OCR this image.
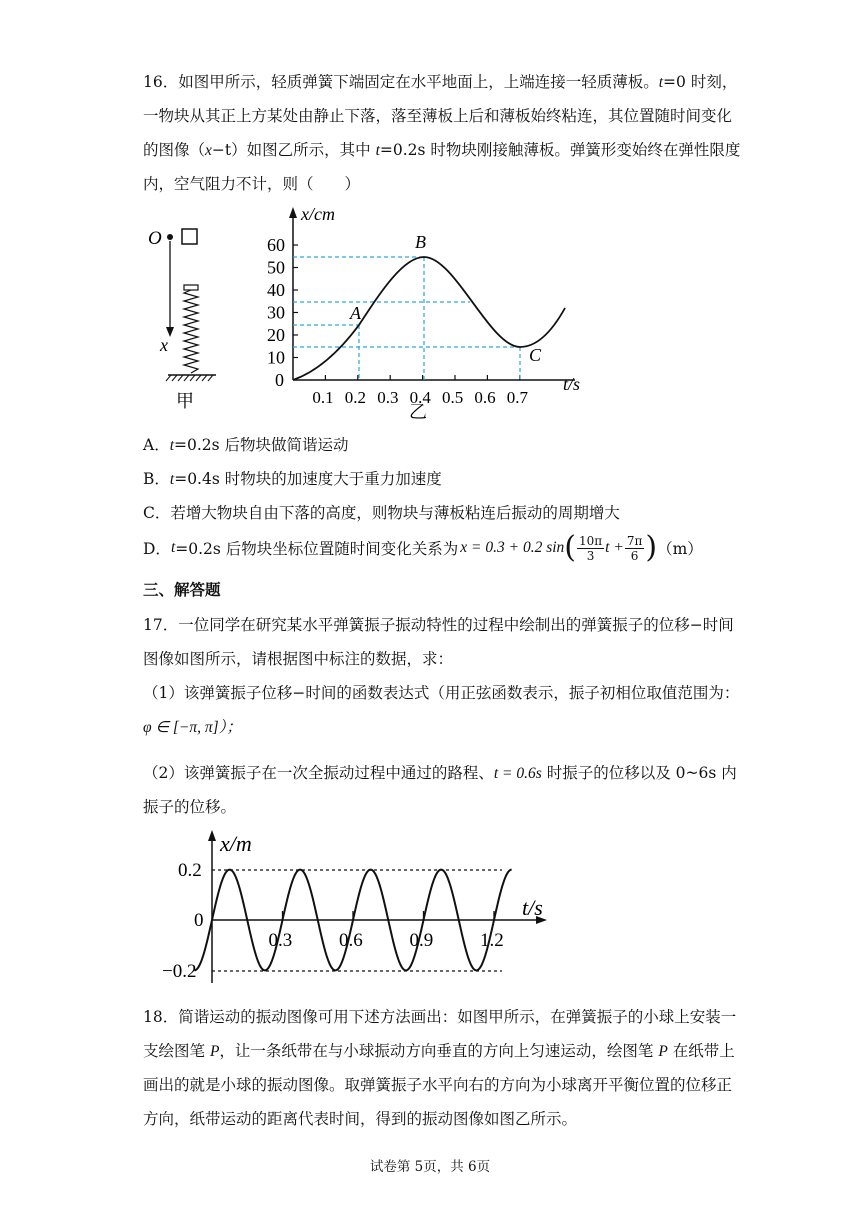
16．如图甲所示，轻质弹簧下端固定在水平地面上，上端连接一轻质薄板。t=0 时刻，
一物块从其正上方某处由静止下落，落至薄板上后和薄板始终粘连，其位置随时间变化
的图像（x−t）如图乙所示，其中 t=0.2s 时物块刚接触薄板。弹簧形变始终在弹性限度
内，空气阻力不计，则（　　）
O
x
甲
x/cm
t/s
0
60
50
40
30
20
10
0.1 0.2 0.3 0.4 0.5 0.6 0.7
A
B
C
乙
A．t=0.2s 后物块做简谐运动
B．t=0.4s 时物块的加速度大于重力加速度
C．若增大物块自由下落的高度，则物块与薄板粘连后振动的周期增大
D． t =0.2s 后物块坐标位置随时间变化关系为 x = 0.3 + 0.2 sin ( $\frac{10\pi}{3}$ $t + \frac{7\pi}{6}$ ) （m）
三、解答题
17．一位同学在研究某水平弹簧振子振动特性的过程中绘制出的弹簧振子的位移−时间
图像如图所示，请根据图中标注的数据，求：
（1）该弹簧振子位移−时间的函数表达式（用正弦函数表示，振子初相位取值范围为：
φ ∈ [−π, π]）；
（2）该弹簧振子在一次全振动过程中通过的路程、t = 0.6s 时振子的位移以及 0~6s 内
振子的位移。
x/m
t/s
0.2
0
−0.2
0.3 0.6 0.9 1.2
18．简谐运动的振动图像可用下述方法画出：如图甲所示，在弹簧振子的小球上安装一
支绘图笔 P，让一条纸带在与小球振动方向垂直的方向上匀速运动，绘图笔 P 在纸带上
画出的就是小球的振动图像。取弹簧振子水平向右的方向为小球离开平衡位置的位移正
方向，纸带运动的距离代表时间，得到的振动图像如图乙所示。
试卷第 5页，共 6页
